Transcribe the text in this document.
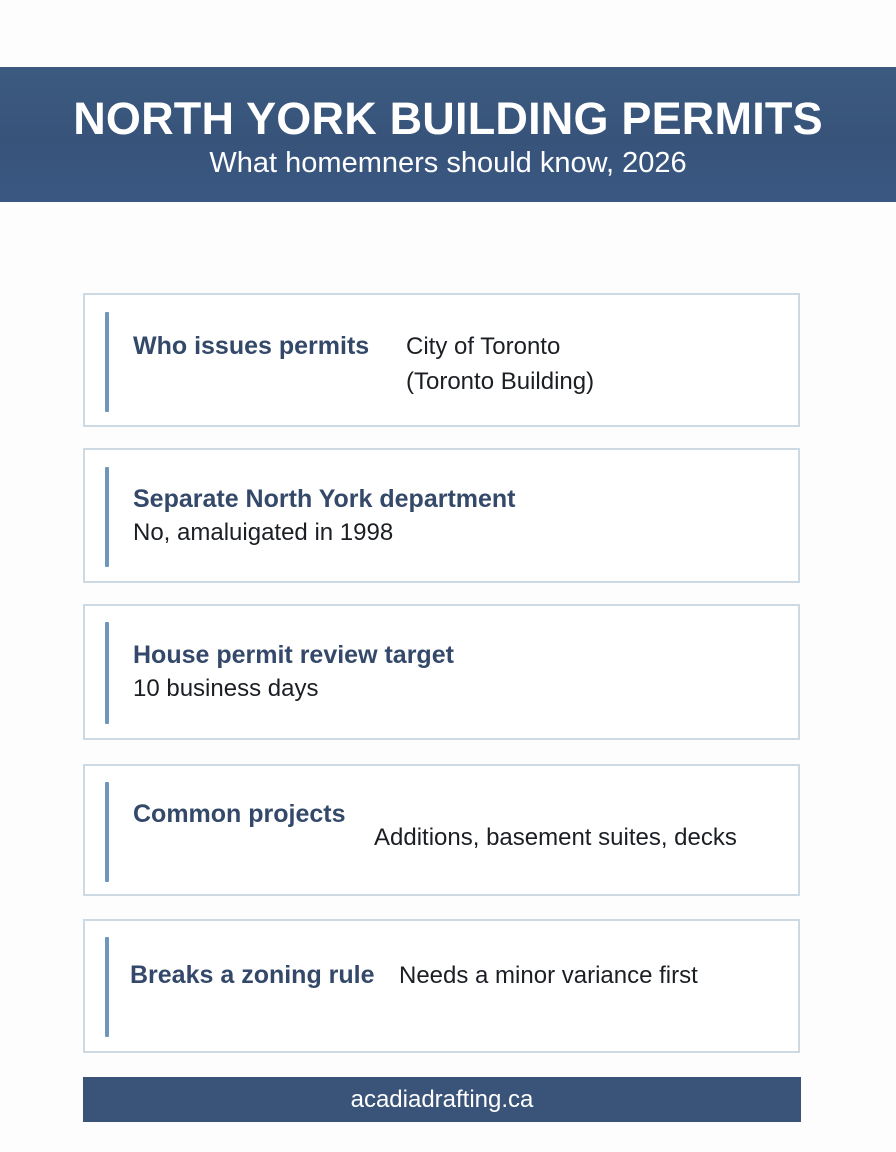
NORTH YORK BUILDING PERMITS
What homemners should know, 2026
Who issues permits City of Toronto
(Toronto Building)
Separate North York department
No, amaluigated in 1998
House permit review target
10 business days
Common projects
Additions, basement suites, decks
Breaks a zoning rule Needs a minor variance first
acadiadrafting.ca
